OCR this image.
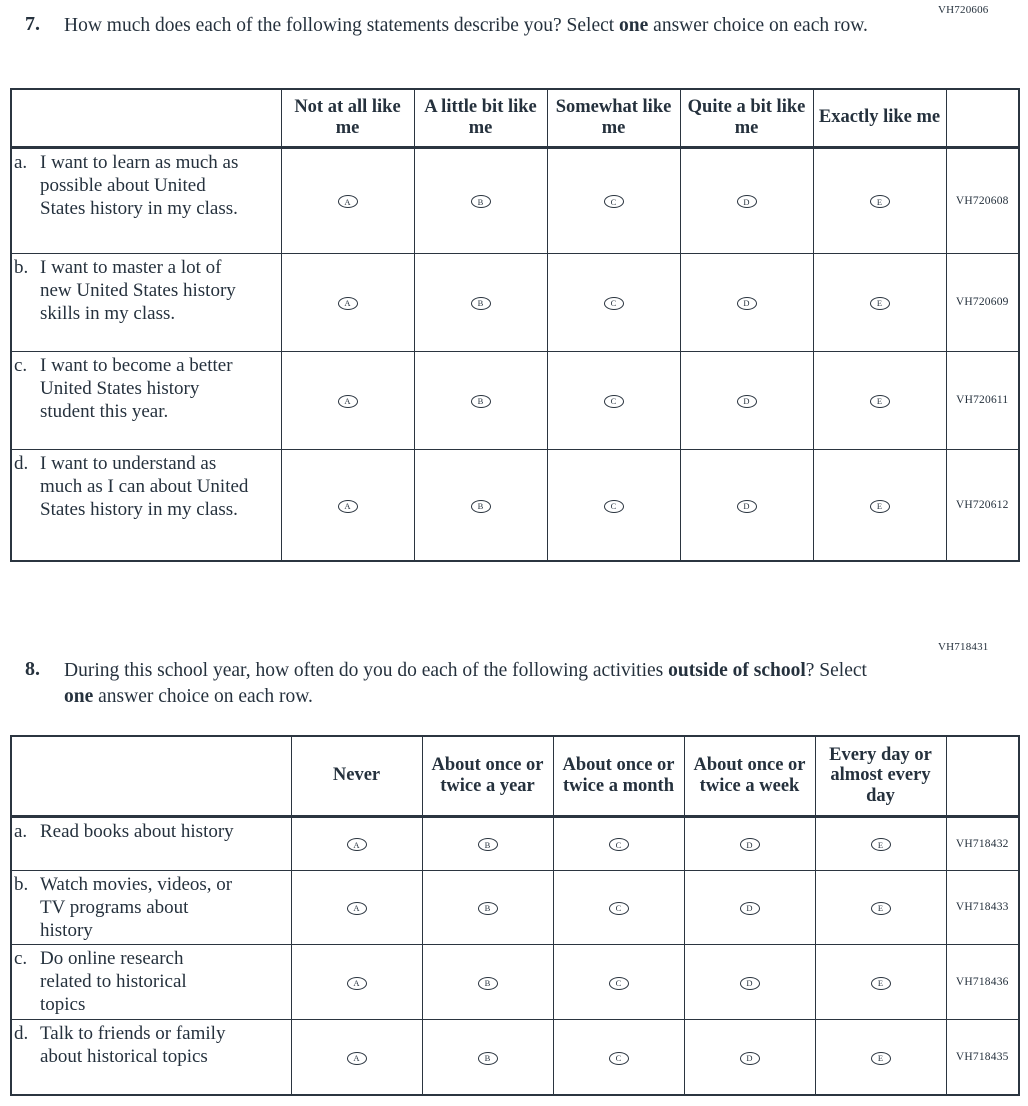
VH720606
7. How much does each of the following statements describe you? Select one answer choice on each row.
	Not at all like me	A little bit like me	Somewhat like me	Quite a bit like me	Exactly like me	

a. I want to learn as much as possible about United States history in my class.	A	B	C	D	E	VH720608

b. I want to master a lot of new United States history skills in my class.	A	B	C	D	E	VH720609

c. I want to become a better United States history student this year.	A	B	C	D	E	VH720611

d. I want to understand as much as I can about United States history in my class.	A	B	C	D	E	VH720612
VH718431
8. During this school year, how often do you do each of the following activities outside of school? Select one answer choice on each row.
	Never	About once or twice a year	About once or twice a month	About once or twice a week	Every day or almost every day	

a. Read books about history	A	B	C	D	E	VH718432

b. Watch movies, videos, or TV programs about history	A	B	C	D	E	VH718433

c. Do online research related to historical topics	A	B	C	D	E	VH718436

d. Talk to friends or family about historical topics	A	B	C	D	E	VH718435
